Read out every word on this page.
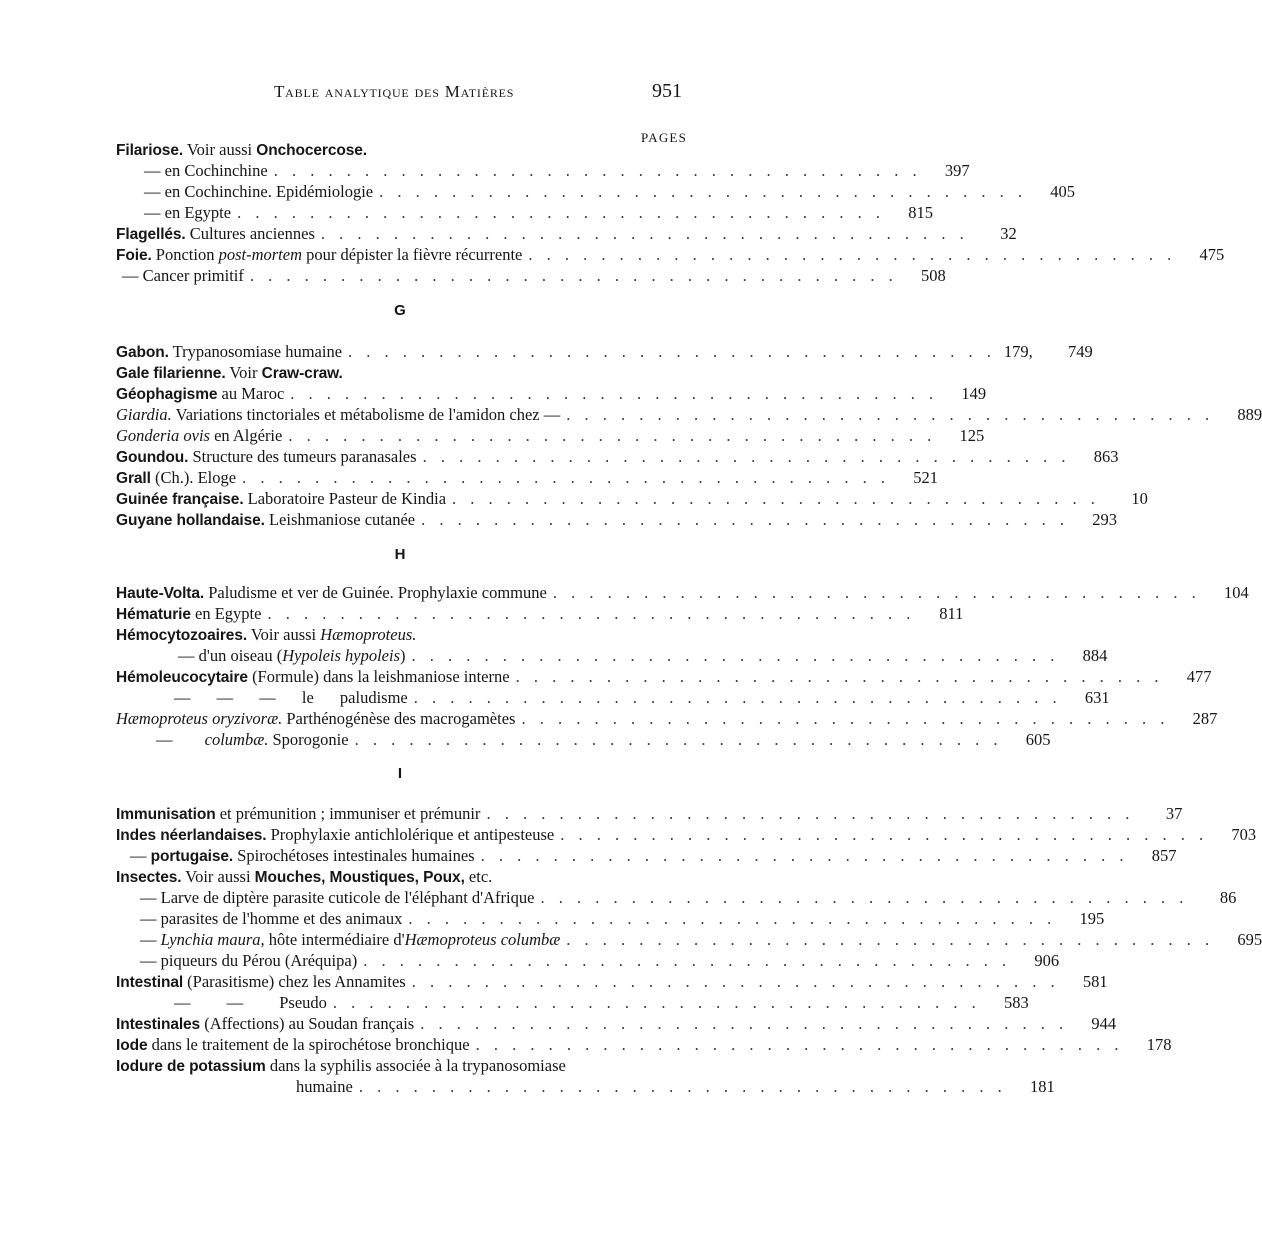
Table analytique des Matières	951
PAGES
Filariose. Voir aussi Onchocercose.
— en Cochinchine . . . . . . . . . . . . . . . . . . . . . . . . . . . . . . . . . . . .	397
— en Cochinchine. Epidémiologie . . . . . . . . . . . . . . . . . . . . . . . . . . . . . . . . . . . .	405
— en Egypte . . . . . . . . . . . . . . . . . . . . . . . . . . . . . . . . . . . .	815
Flagellés. Cultures anciennes . . . . . . . . . . . . . . . . . . . . . . . . . . . . . . . . . . . .	32
Foie. Ponction post-mortem pour dépister la fièvre récurrente . . . . . . . . . . . . . . . . . . . . . . . . . . . . . . . . . . . .	475
— Cancer primitif . . . . . . . . . . . . . . . . . . . . . . . . . . . . . . . . . . . .	508
G
Gabon. Trypanosomiase humaine . . . . . . . . . . . . . . . . . . . . . . . . . . . . . . . . . . . . 179,	749
Gale filarienne. Voir Craw-craw.
Géophagisme au Maroc . . . . . . . . . . . . . . . . . . . . . . . . . . . . . . . . . . . .	149
Giardia. Variations tinctoriales et métabolisme de l'amidon chez — . . . . . . . . . . . . . . . . . . . . . . . . . . . . . . . . . . . .	889
Gonderia ovis en Algérie . . . . . . . . . . . . . . . . . . . . . . . . . . . . . . . . . . . .	125
Goundou. Structure des tumeurs paranasales . . . . . . . . . . . . . . . . . . . . . . . . . . . . . . . . . . . .	863
Grall (Ch.). Eloge . . . . . . . . . . . . . . . . . . . . . . . . . . . . . . . . . . . .	521
Guinée française. Laboratoire Pasteur de Kindia . . . . . . . . . . . . . . . . . . . . . . . . . . . . . . . . . . . .	10
Guyane hollandaise. Leishmaniose cutanée . . . . . . . . . . . . . . . . . . . . . . . . . . . . . . . . . . . .	293
H
Haute-Volta. Paludisme et ver de Guinée. Prophylaxie commune . . . . . . . . . . . . . . . . . . . . . . . . . . . . . . . . . . . .	104
Hématurie en Egypte . . . . . . . . . . . . . . . . . . . . . . . . . . . . . . . . . . . .	811
Hémocytozoaires. Voir aussi Hæmoproteus.
— d'un oiseau (Hypoleis hypoleis) . . . . . . . . . . . . . . . . . . . . . . . . . . . . . . . . . . . .	884
Hémoleucocytaire (Formule) dans la leishmaniose interne . . . . . . . . . . . . . . . . . . . . . . . . . . . . . . . . . . . .	477
— — — le paludisme . . . . . . . . . . . . . . . . . . . . . . . . . . . . . . . . . . . .	631
Hæmoproteus oryzivoræ. Parthénogénèse des macrogamètes . . . . . . . . . . . . . . . . . . . . . . . . . . . . . . . . . . . .	287
— columbæ. Sporogonie . . . . . . . . . . . . . . . . . . . . . . . . . . . . . . . . . . . .	605
I
Immunisation et prémunition ; immuniser et prémunir . . . . . . . . . . . . . . . . . . . . . . . . . . . . . . . . . . . .	37
Indes néerlandaises. Prophylaxie antichlolérique et antipesteuse . . . . . . . . . . . . . . . . . . . . . . . . . . . . . . . . . . . .	703
— portugaise. Spirochétoses intestinales humaines . . . . . . . . . . . . . . . . . . . . . . . . . . . . . . . . . . . .	857
Insectes. Voir aussi Mouches, Moustiques, Poux, etc.
— Larve de diptère parasite cuticole de l'éléphant d'Afrique . . . . . . . . . . . . . . . . . . . . . . . . . . . . . . . . . . . .	86
— parasites de l'homme et des animaux . . . . . . . . . . . . . . . . . . . . . . . . . . . . . . . . . . . .	195
— Lynchia maura, hôte intermédiaire d'Hæmoproteus columbæ . . . . . . . . . . . . . . . . . . . . . . . . . . . . . . . . . . . .	695
— piqueurs du Pérou (Aréquipa) . . . . . . . . . . . . . . . . . . . . . . . . . . . . . . . . . . . .	906
Intestinal (Parasitisme) chez les Annamites . . . . . . . . . . . . . . . . . . . . . . . . . . . . . . . . . . . .	581
— — Pseudo . . . . . . . . . . . . . . . . . . . . . . . . . . . . . . . . . . . .	583
Intestinales (Affections) au Soudan français . . . . . . . . . . . . . . . . . . . . . . . . . . . . . . . . . . . .	944
Iode dans le traitement de la spirochétose bronchique . . . . . . . . . . . . . . . . . . . . . . . . . . . . . . . . . . . .	178
Iodure de potassium dans la syphilis associée à la trypanosomiase
humaine . . . . . . . . . . . . . . . . . . . . . . . . . . . . . . . . . . . .	181
